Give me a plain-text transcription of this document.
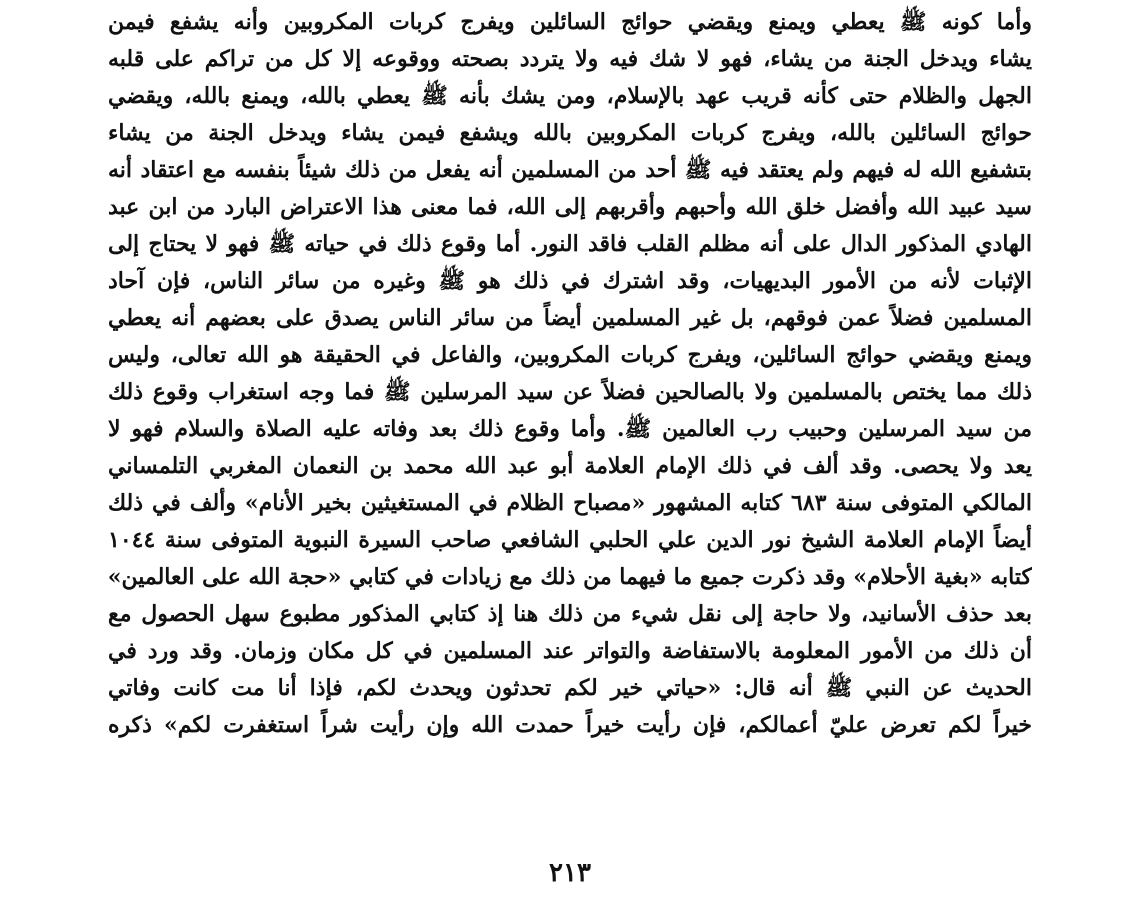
وأما كونه ﷺ يعطي ويمنع ويقضي حوائج السائلين ويفرج كربات المكروبين وأنه يشفع فيمن
يشاء ويدخل الجنة من يشاء، فهو لا شك فيه ولا يتردد بصحته ووقوعه إلا كل من تراكم على قلبه
الجهل والظلام حتى كأنه قريب عهد بالإسلام، ومن يشك بأنه ﷺ يعطي بالله، ويمنع بالله، ويقضي
حوائج السائلين بالله، ويفرج كربات المكروبين بالله ويشفع فيمن يشاء ويدخل الجنة من يشاء
بتشفيع الله له فيهم ولم يعتقد فيه ﷺ أحد من المسلمين أنه يفعل من ذلك شيئاً بنفسه مع اعتقاد أنه
سيد عبيد الله وأفضل خلق الله وأحبهم وأقربهم إلى الله، فما معنى هذا الاعتراض البارد من ابن عبد
الهادي المذكور الدال على أنه مظلم القلب فاقد النور. أما وقوع ذلك في حياته ﷺ فهو لا يحتاج إلى
الإثبات لأنه من الأمور البديهيات، وقد اشترك في ذلك هو ﷺ وغيره من سائر الناس، فإن آحاد
المسلمين فضلاً عمن فوقهم، بل غير المسلمين أيضاً من سائر الناس يصدق على بعضهم أنه يعطي
ويمنع ويقضي حوائج السائلين، ويفرج كربات المكروبين، والفاعل في الحقيقة هو الله تعالى، وليس
ذلك مما يختص بالمسلمين ولا بالصالحين فضلاً عن سيد المرسلين ﷺ فما وجه استغراب وقوع ذلك
من سيد المرسلين وحبيب رب العالمين ﷺ. وأما وقوع ذلك بعد وفاته عليه الصلاة والسلام فهو لا
يعد ولا يحصى. وقد ألف في ذلك الإمام العلامة أبو عبد الله محمد بن النعمان المغربي التلمساني
المالكي المتوفى سنة ٦٨٣ كتابه المشهور «مصباح الظلام في المستغيثين بخير الأنام» وألف في ذلك
أيضاً الإمام العلامة الشيخ نور الدين علي الحلبي الشافعي صاحب السيرة النبوية المتوفى سنة ١٠٤٤
كتابه «بغية الأحلام» وقد ذكرت جميع ما فيهما من ذلك مع زيادات في كتابي «حجة الله على العالمين»
بعد حذف الأسانيد، ولا حاجة إلى نقل شيء من ذلك هنا إذ كتابي المذكور مطبوع سهل الحصول مع
أن ذلك من الأمور المعلومة بالاستفاضة والتواتر عند المسلمين في كل مكان وزمان. وقد ورد في
الحديث عن النبي ﷺ أنه قال: «حياتي خير لكم تحدثون ويحدث لكم، فإذا أنا مت كانت وفاتي
خيراً لكم تعرض عليّ أعمالكم، فإن رأيت خيراً حمدت الله وإن رأيت شراً استغفرت لكم» ذكره
٢١٣
